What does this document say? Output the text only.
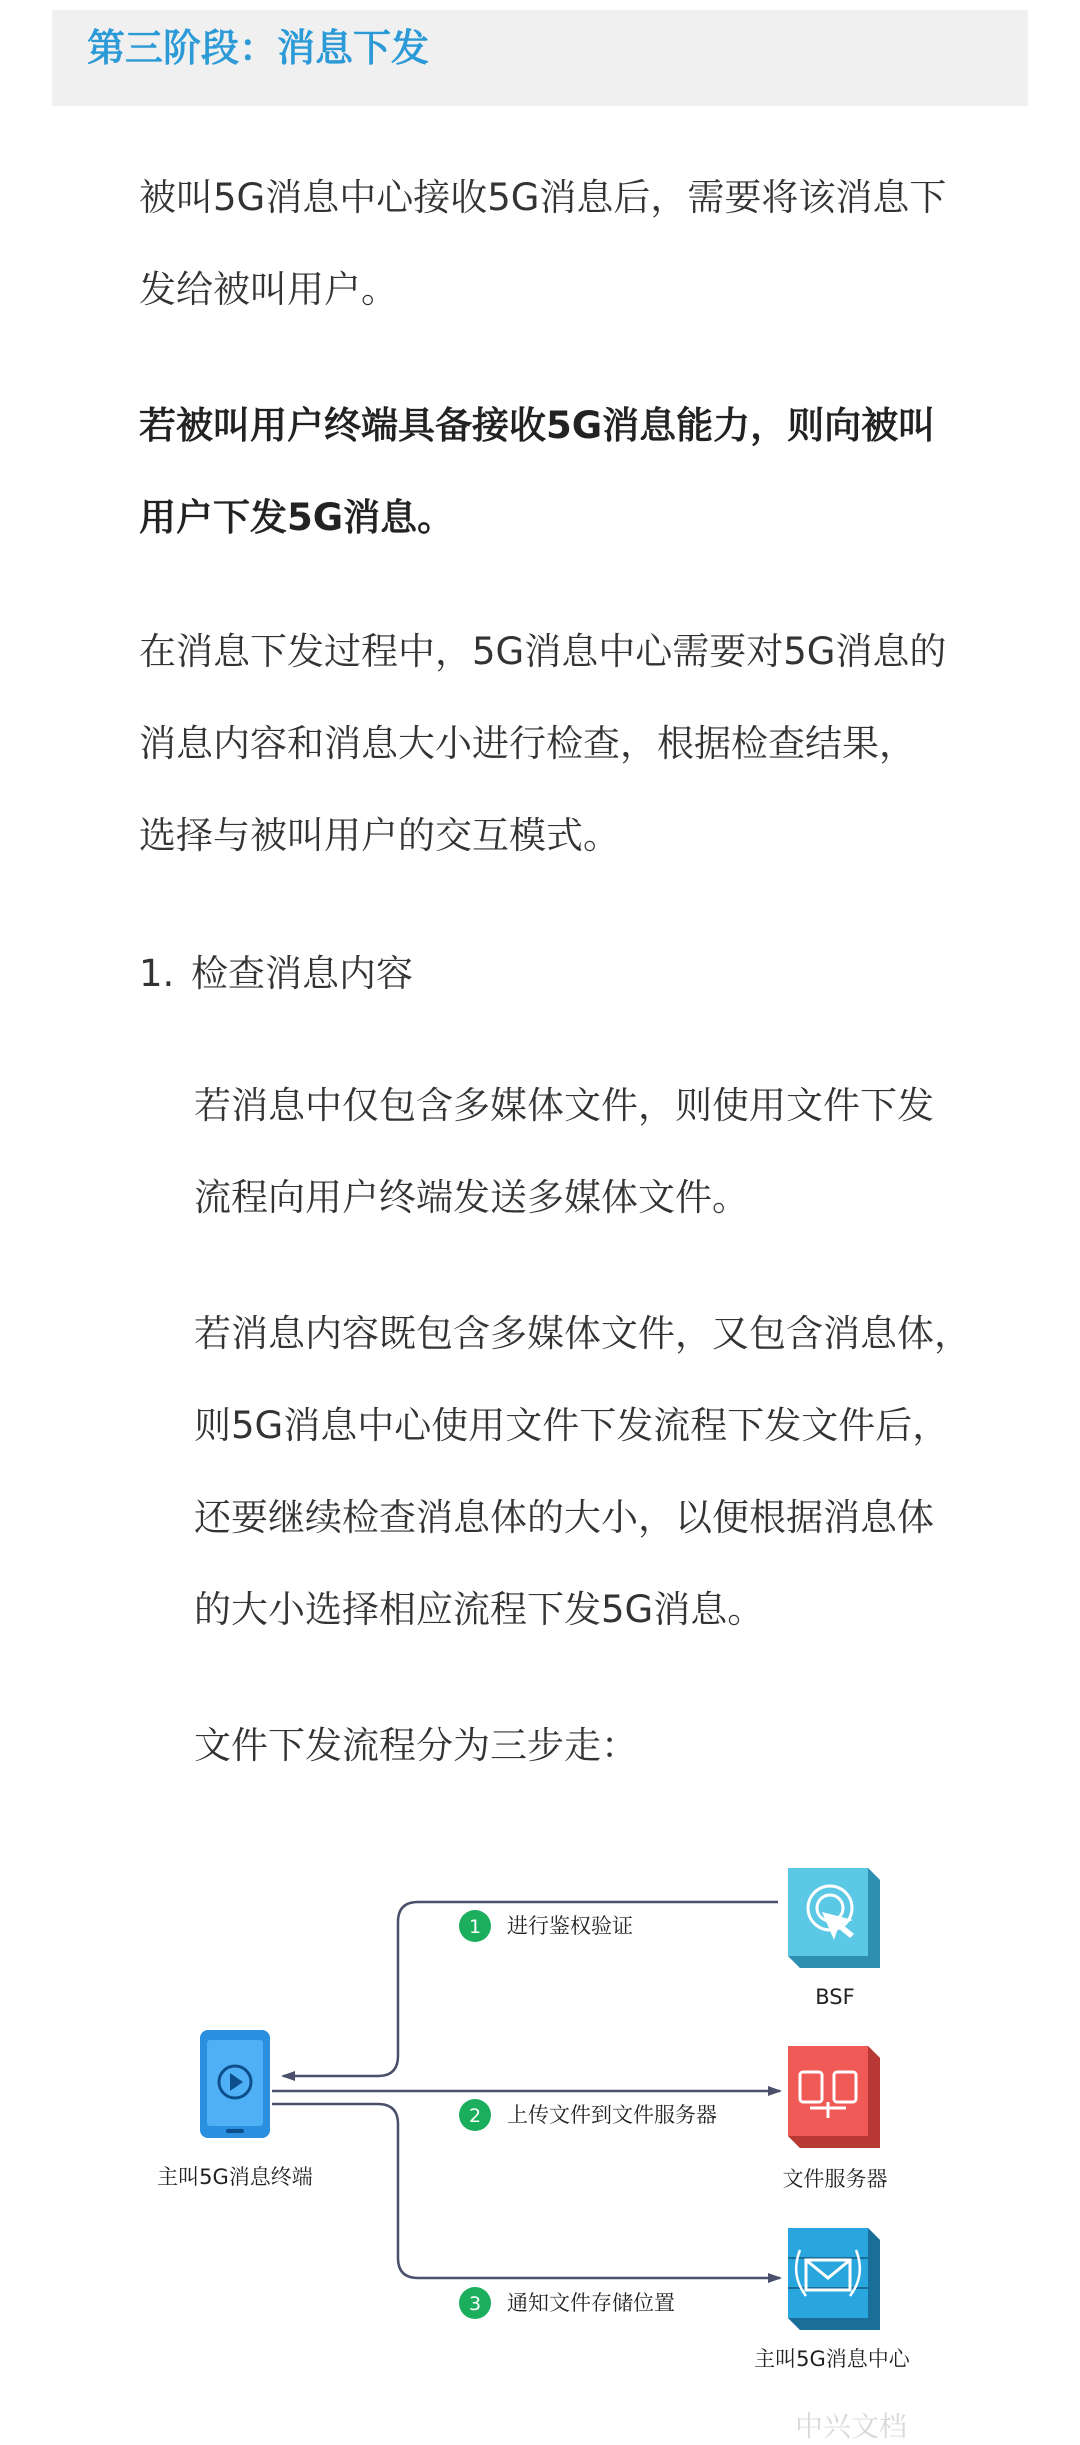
第三阶段：消息下发

被叫5G消息中心接收5G消息后，需要将该消息下

发给被叫用户。

若被叫用户终端具备接收5G消息能力，则向被叫

用户下发5G消息。

在消息下发过程中，5G消息中心需要对5G消息的

消息内容和消息大小进行检查，根据检查结果，

选择与被叫用户的交互模式。

1. 检查消息内容

若消息中仅包含多媒体文件，则使用文件下发

流程向用户终端发送多媒体文件。

若消息内容既包含多媒体文件，又包含消息体，

则5G消息中心使用文件下发流程下发文件后，

还要继续检查消息体的大小，以便根据消息体

的大小选择相应流程下发5G消息。

文件下发流程分为三步走：

主叫5G消息终端
BSF
文件服务器
主叫5G消息中心
1 进行鉴权验证
2 上传文件到文件服务器
3 通知文件存储位置
中兴文档
